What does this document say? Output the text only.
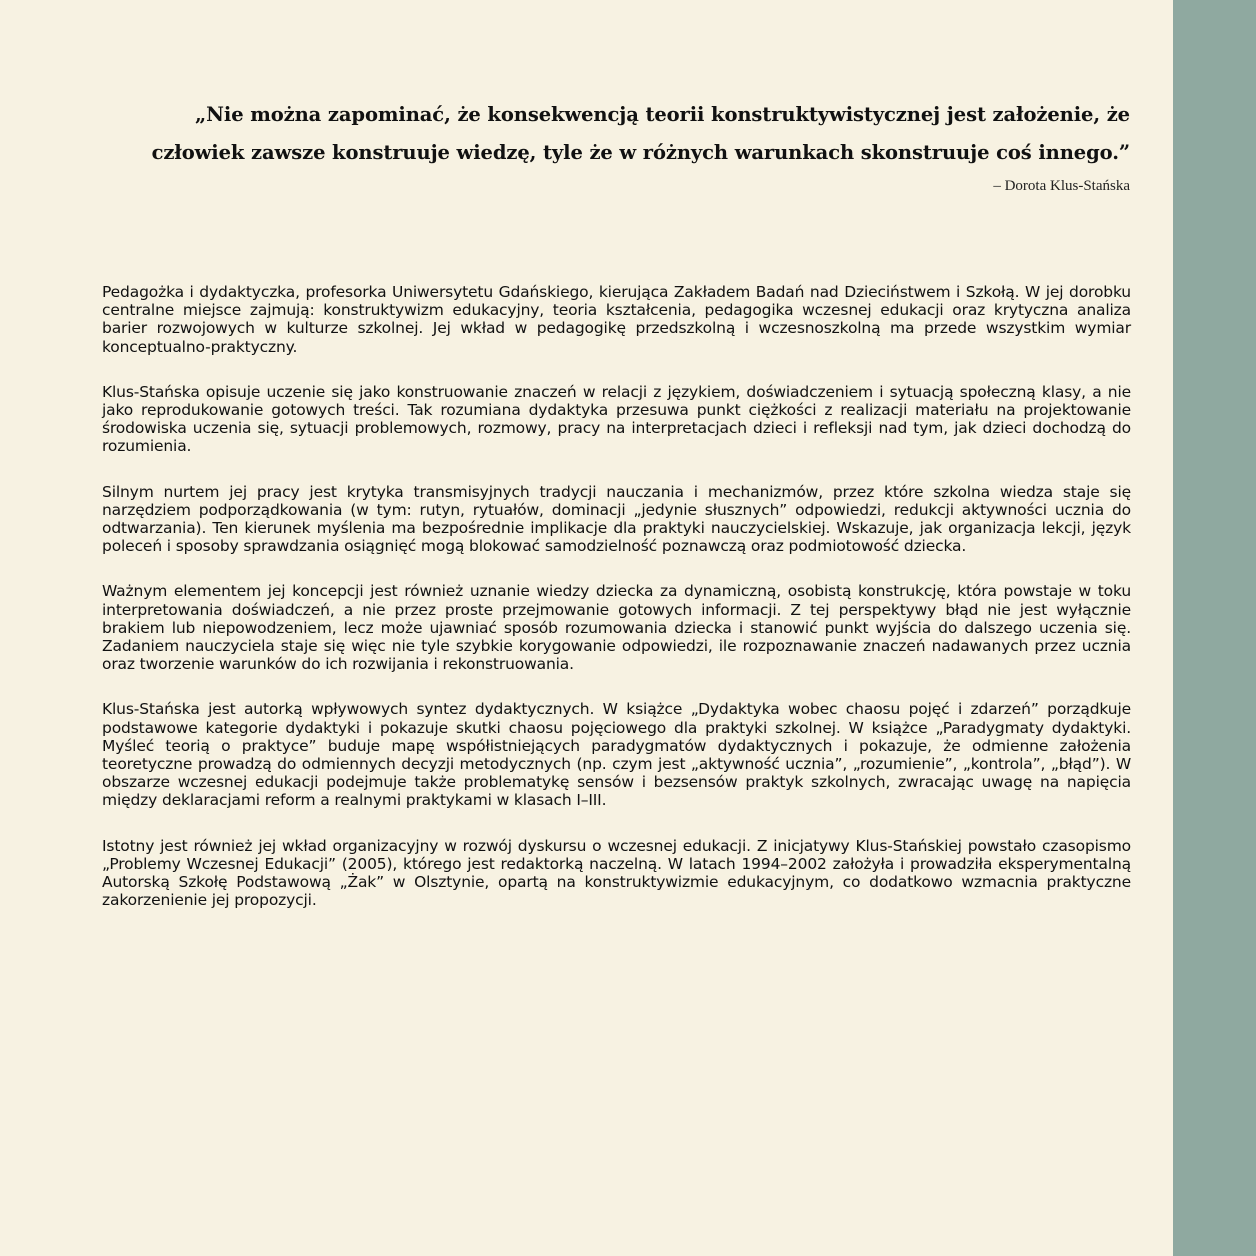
„Nie można zapominać, że konsekwencją teorii konstruktywistycznej jest założenie, że człowiek zawsze konstruuje wiedzę, tyle że w różnych warunkach skonstruuje coś innego.”

– Dorota Klus-Stańska

Pedagożka i dydaktyczka, profesorka Uniwersytetu Gdańskiego, kierująca Zakładem Badań nad Dzieciństwem i Szkołą. W jej dorobku centralne miejsce zajmują: konstruktywizm edukacyjny, teoria kształcenia, pedagogika wczesnej edukacji oraz krytyczna analiza barier rozwojowych w kulturze szkolnej. Jej wkład w pedagogikę przedszkolną i wczesnoszkolną ma przede wszystkim wymiar konceptualno-praktyczny.

Klus-Stańska opisuje uczenie się jako konstruowanie znaczeń w relacji z językiem, doświadczeniem i sytuacją społeczną klasy, a nie jako reprodukowanie gotowych treści. Tak rozumiana dydaktyka przesuwa punkt ciężkości z realizacji materiału na projektowanie środowiska uczenia się, sytuacji problemowych, rozmowy, pracy na interpretacjach dzieci i refleksji nad tym, jak dzieci dochodzą do rozumienia.

Silnym nurtem jej pracy jest krytyka transmisyjnych tradycji nauczania i mechanizmów, przez które szkolna wiedza staje się narzędziem podporządkowania (w tym: rutyn, rytuałów, dominacji „jedynie słusznych” odpowiedzi, redukcji aktywności ucznia do odtwarzania). Ten kierunek myślenia ma bezpośrednie implikacje dla praktyki nauczycielskiej. Wskazuje, jak organizacja lekcji, język poleceń i sposoby sprawdzania osiągnięć mogą blokować samodzielność poznawczą oraz podmiotowość dziecka.

Ważnym elementem jej koncepcji jest również uznanie wiedzy dziecka za dynamiczną, osobistą konstrukcję, która powstaje w toku interpretowania doświadczeń, a nie przez proste przejmowanie gotowych informacji. Z tej perspektywy błąd nie jest wyłącznie brakiem lub niepowodzeniem, lecz może ujawniać sposób rozumowania dziecka i stanowić punkt wyjścia do dalszego uczenia się. Zadaniem nauczyciela staje się więc nie tyle szybkie korygowanie odpowiedzi, ile rozpoznawanie znaczeń nadawanych przez ucznia oraz tworzenie warunków do ich rozwijania i rekonstruowania.

Klus-Stańska jest autorką wpływowych syntez dydaktycznych. W książce „Dydaktyka wobec chaosu pojęć i zdarzeń” porządkuje podstawowe kategorie dydaktyki i pokazuje skutki chaosu pojęciowego dla praktyki szkolnej. W książce „Paradygmaty dydaktyki. Myśleć teorią o praktyce” buduje mapę współistniejących paradygmatów dydaktycznych i pokazuje, że odmienne założenia teoretyczne prowadzą do odmiennych decyzji metodycznych (np. czym jest „aktywność ucznia”, „rozumienie”, „kontrola”, „błąd”). W obszarze wczesnej edukacji podejmuje także problematykę sensów i bezsensów praktyk szkolnych, zwracając uwagę na napięcia między deklaracjami reform a realnymi praktykami w klasach I–III.

Istotny jest również jej wkład organizacyjny w rozwój dyskursu o wczesnej edukacji. Z inicjatywy Klus-Stańskiej powstało czasopismo „Problemy Wczesnej Edukacji” (2005), którego jest redaktorką naczelną. W latach 1994–2002 założyła i prowadziła eksperymentalną Autorską Szkołę Podstawową „Żak” w Olsztynie, opartą na konstruktywizmie edukacyjnym, co dodatkowo wzmacnia praktyczne zakorzenienie jej propozycji.
